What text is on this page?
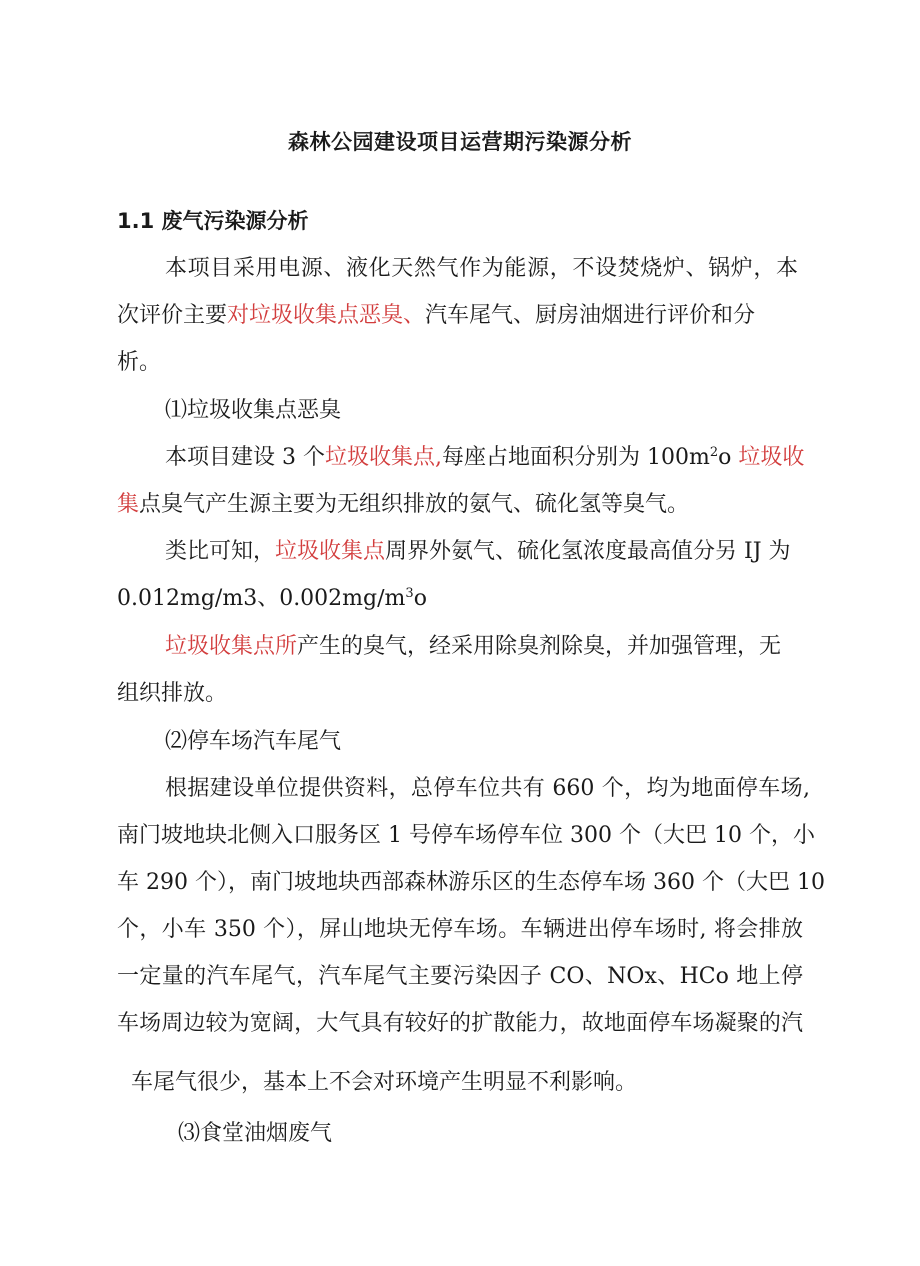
森林公园建设项目运营期污染源分析
1.1 废气污染源分析
本项目采用电源、液化天然气作为能源，不设焚烧炉、锅炉，本
次评价主要对垃圾收集点恶臭、汽车尾气、厨房油烟进行评价和分
析。
⑴垃圾收集点恶臭
本项目建设 3 个垃圾收集点,每座占地面积分别为 $100m^2o$ 垃圾收
集点臭气产生源主要为无组织排放的氨气、硫化氢等臭气。
类比可知，垃圾收集点周界外氨气、硫化氢浓度最高值分另 IJ 为
0.012mg/m3、$0.002mg∕m^3o$
垃圾收集点所产生的臭气，经采用除臭剂除臭，并加强管理，无
组织排放。
⑵停车场汽车尾气
根据建设单位提供资料，总停车位共有 660 个，均为地面停车场,
南门坡地块北侧入口服务区 1 号停车场停车位 300 个（大巴 10 个，小
车 290 个），南门坡地块西部森林游乐区的生态停车场 360 个（大巴 10
个，小车 350 个），屏山地块无停车场。车辆进出停车场时, 将会排放
一定量的汽车尾气，汽车尾气主要污染因子 CO、NOx、HCo 地上停
车场周边较为宽阔，大气具有较好的扩散能力，故地面停车场凝聚的汽
车尾气很少，基本上不会对环境产生明显不利影响。
⑶食堂油烟废气
